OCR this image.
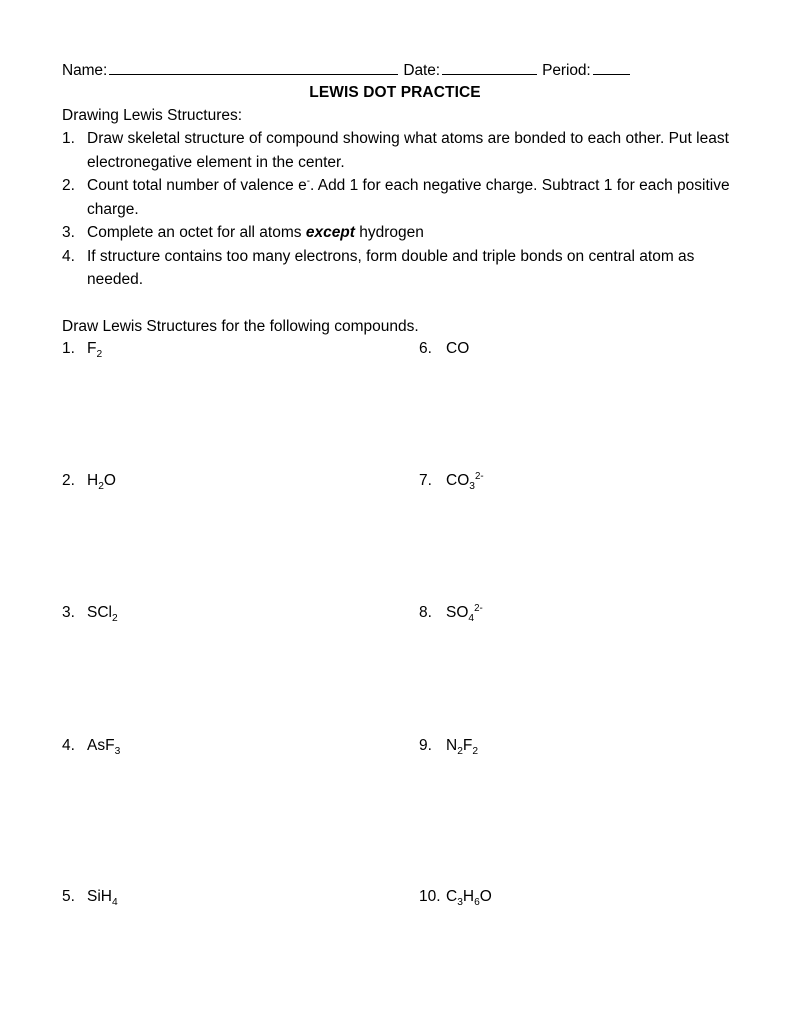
Name:	Date:	Period:
LEWIS DOT PRACTICE
Drawing Lewis Structures:
1. Draw skeletal structure of compound showing what atoms are bonded to each other. Put least electronegative element in the center.
2. Count total number of valence e-. Add 1 for each negative charge. Subtract 1 for each positive charge.
3. Complete an octet for all atoms except hydrogen
4. If structure contains too many electrons, form double and triple bonds on central atom as needed.
Draw Lewis Structures for the following compounds.
1. $F_2$
2. $H_2O$
3. SCl$_2$
4. AsF$_3$
5. SiH$_4$
6. CO
7. $CO_3^{2-}$
8. $SO_4^{2-}$
9. $N_2F_2$
10. $C_3H_6O$
